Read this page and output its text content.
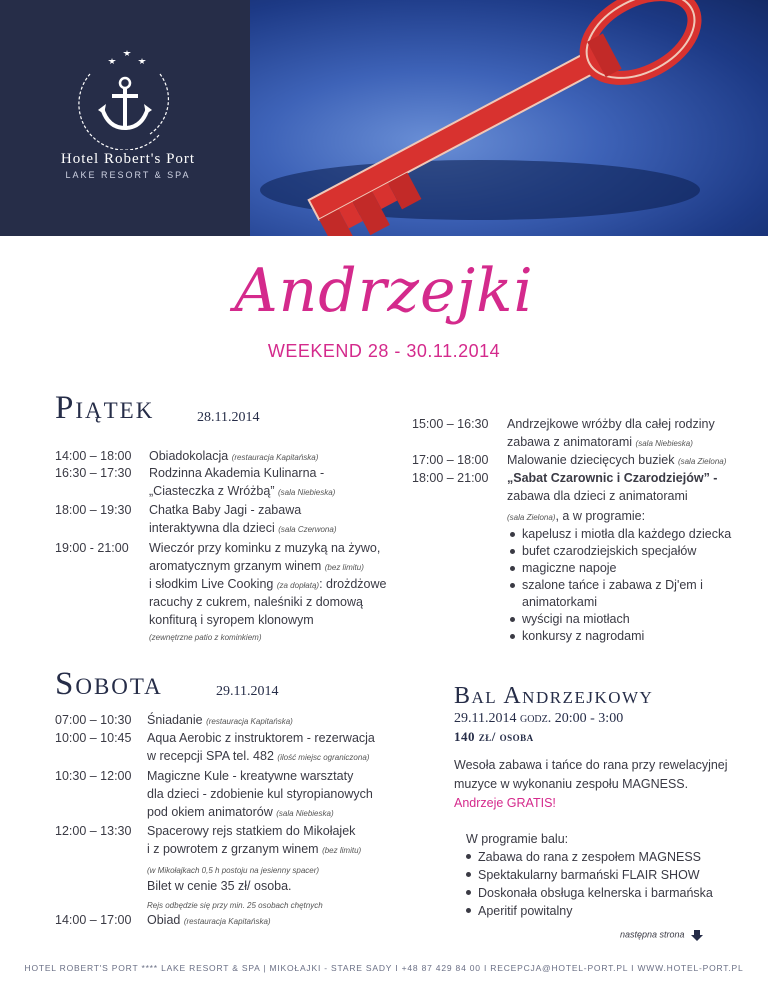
Hotel Robert's Port
LAKE RESORT & SPA
Andrzejki
WEEKEND 28 - 30.11.2014
Piątek	28.11.2014
14:00 – 18:00 Obiadokolacja (restauracja Kapitańska)
16:30 – 17:30 Rodzinna Akademia Kulinarna -
„Ciasteczka z Wróżbą” (sala Niebieska)
18:00 – 19:30 Chatka Baby Jagi - zabawa
interaktywna dla dzieci (sala Czerwona)
19:00 - 21:00 Wieczór przy kominku z muzyką na żywo,
aromatycznym grzanym winem (bez limitu)
i słodkim Live Cooking (za dopłatą): drożdżowe
racuchy z cukrem, naleśniki z domową
konfiturą i syropem klonowym
(zewnętrzne patio z kominkiem)
15:00 – 16:30 Andrzejkowe wróżby dla całej rodziny
zabawa z animatorami (sala Niebieska)
17:00 – 18:00 Malowanie dziecięcych buziek (sala Zielona)
18:00 – 21:00 „Sabat Czarownic i Czarodziejów” -
zabawa dla dzieci z animatorami
(sala Zielona), a w programie:
kapelusz i miotła dla każdego dziecka
bufet czarodziejskich specjałów
magiczne napoje
szalone tańce i zabawa z Dj'em i
animatorkami
wyścigi na miotłach
konkursy z nagrodami
Sobota	29.11.2014
07:00 – 10:30 Śniadanie (restauracja Kapitańska)
10:00 – 10:45 Aqua Aerobic z instruktorem - rezerwacja
w recepcji SPA tel. 482 (ilość miejsc ograniczona)
10:30 – 12:00 Magiczne Kule - kreatywne warsztaty
dla dzieci - zdobienie kul styropianowych
pod okiem animatorów (sala Niebieska)
12:00 – 13:30 Spacerowy rejs statkiem do Mikołajek
i z powrotem z grzanym winem (bez limitu)
(w Mikołajkach 0,5 h postoju na jesienny spacer)
Bilet w cenie 35 zł/ osoba.
Rejs odbędzie się przy min. 25 osobach chętnych
14:00 – 17:00 Obiad (restauracja Kapitańska)
Bal Andrzejkowy
29.11.2014 godz. 20:00 - 3:00
140 zł/ osoba
Wesoła zabawa i tańce do rana przy rewelacyjnej
muzyce w wykonaniu zespołu MAGNESS.
Andrzeje GRATIS!
W programie balu:
Zabawa do rana z zespołem MAGNESS
Spektakularny barmański FLAIR SHOW
Doskonała obsługa kelnerska i barmańska
Aperitif powitalny
następna strona
HOTEL ROBERT'S PORT **** LAKE RESORT & SPA | MIKOŁAJKI - STARE SADY I +48 87 429 84 00 I RECEPCJA@HOTEL-PORT.PL I WWW.HOTEL-PORT.PL
